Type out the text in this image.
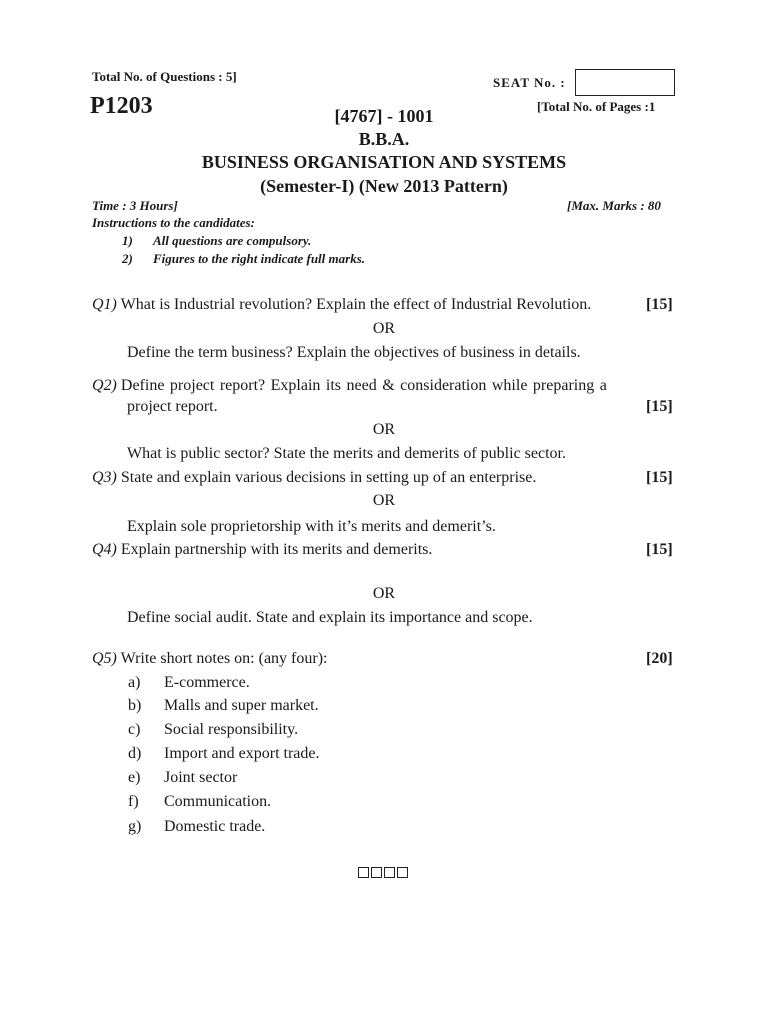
Total No. of Questions : 5]	SEAT No. :
P1203	[Total No. of Pages :1
[4767] - 1001
B.B.A.
BUSINESS ORGANISATION AND SYSTEMS
(Semester-I) (New 2013 Pattern)
Time : 3 Hours]	[Max. Marks : 80
Instructions to the candidates:
1) All questions are compulsory.
2) Figures to the right indicate full marks.
Q1) What is Industrial revolution? Explain the effect of Industrial Revolution.	[15]
OR
Define the term business? Explain the objectives of business in details.
Q2) Define project report? Explain its need & consideration while preparing a
project report.	[15]
OR
What is public sector? State the merits and demerits of public sector.
Q3) State and explain various decisions in setting up of an enterprise.	[15]
OR
Explain sole proprietorship with it’s merits and demerit’s.
Q4) Explain partnership with its merits and demerits.	[15]
OR
Define social audit. State and explain its importance and scope.
Q5) Write short notes on: (any four):	[20]
a) E-commerce.
b) Malls and super market.
c) Social responsibility.
d) Import and export trade.
e) Joint sector
f) Communication.
g) Domestic trade.
